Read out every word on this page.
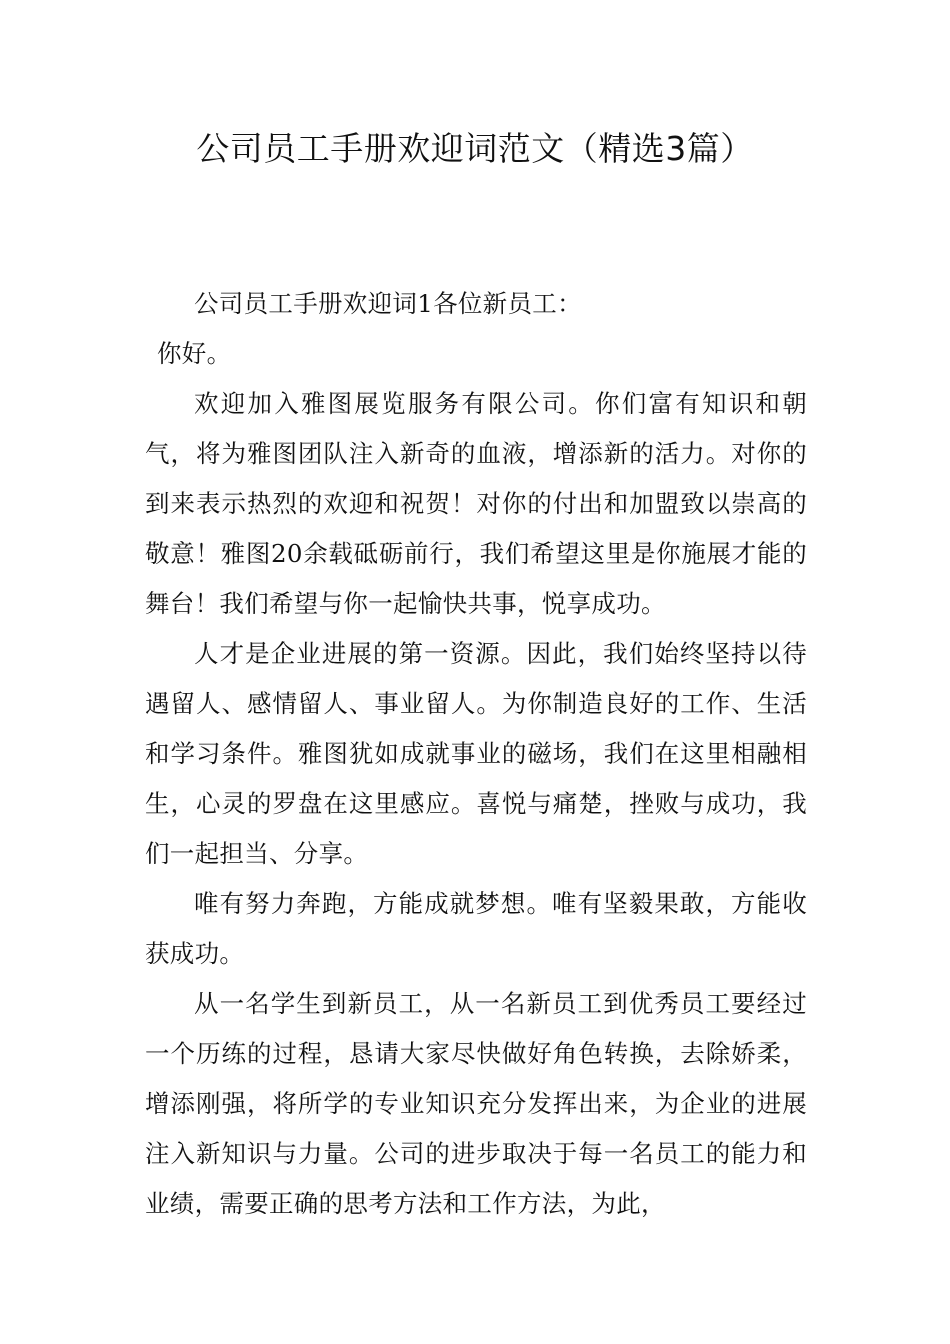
公司员工手册欢迎词范文（精选3篇）

公司员工手册欢迎词1各位新员工：

你好。

欢迎加入雅图展览服务有限公司。你们富有知识和朝气，将为雅图团队注入新奇的血液，增添新的活力。对你的到来表示热烈的欢迎和祝贺！对你的付出和加盟致以崇高的敬意！雅图20余载砥砺前行，我们希望这里是你施展才能的舞台！我们希望与你一起愉快共事，悦享成功。

人才是企业进展的第一资源。因此，我们始终坚持以待遇留人、感情留人、事业留人。为你制造良好的工作、生活和学习条件。雅图犹如成就事业的磁场，我们在这里相融相生，心灵的罗盘在这里感应。喜悦与痛楚，挫败与成功，我们一起担当、分享。

唯有努力奔跑，方能成就梦想。唯有坚毅果敢，方能收获成功。

从一名学生到新员工，从一名新员工到优秀员工要经过一个历练的过程，恳请大家尽快做好角色转换，去除娇柔，增添刚强，将所学的专业知识充分发挥出来，为企业的进展注入新知识与力量。公司的进步取决于每一名员工的能力和业绩，需要正确的思考方法和工作方法，为此，
